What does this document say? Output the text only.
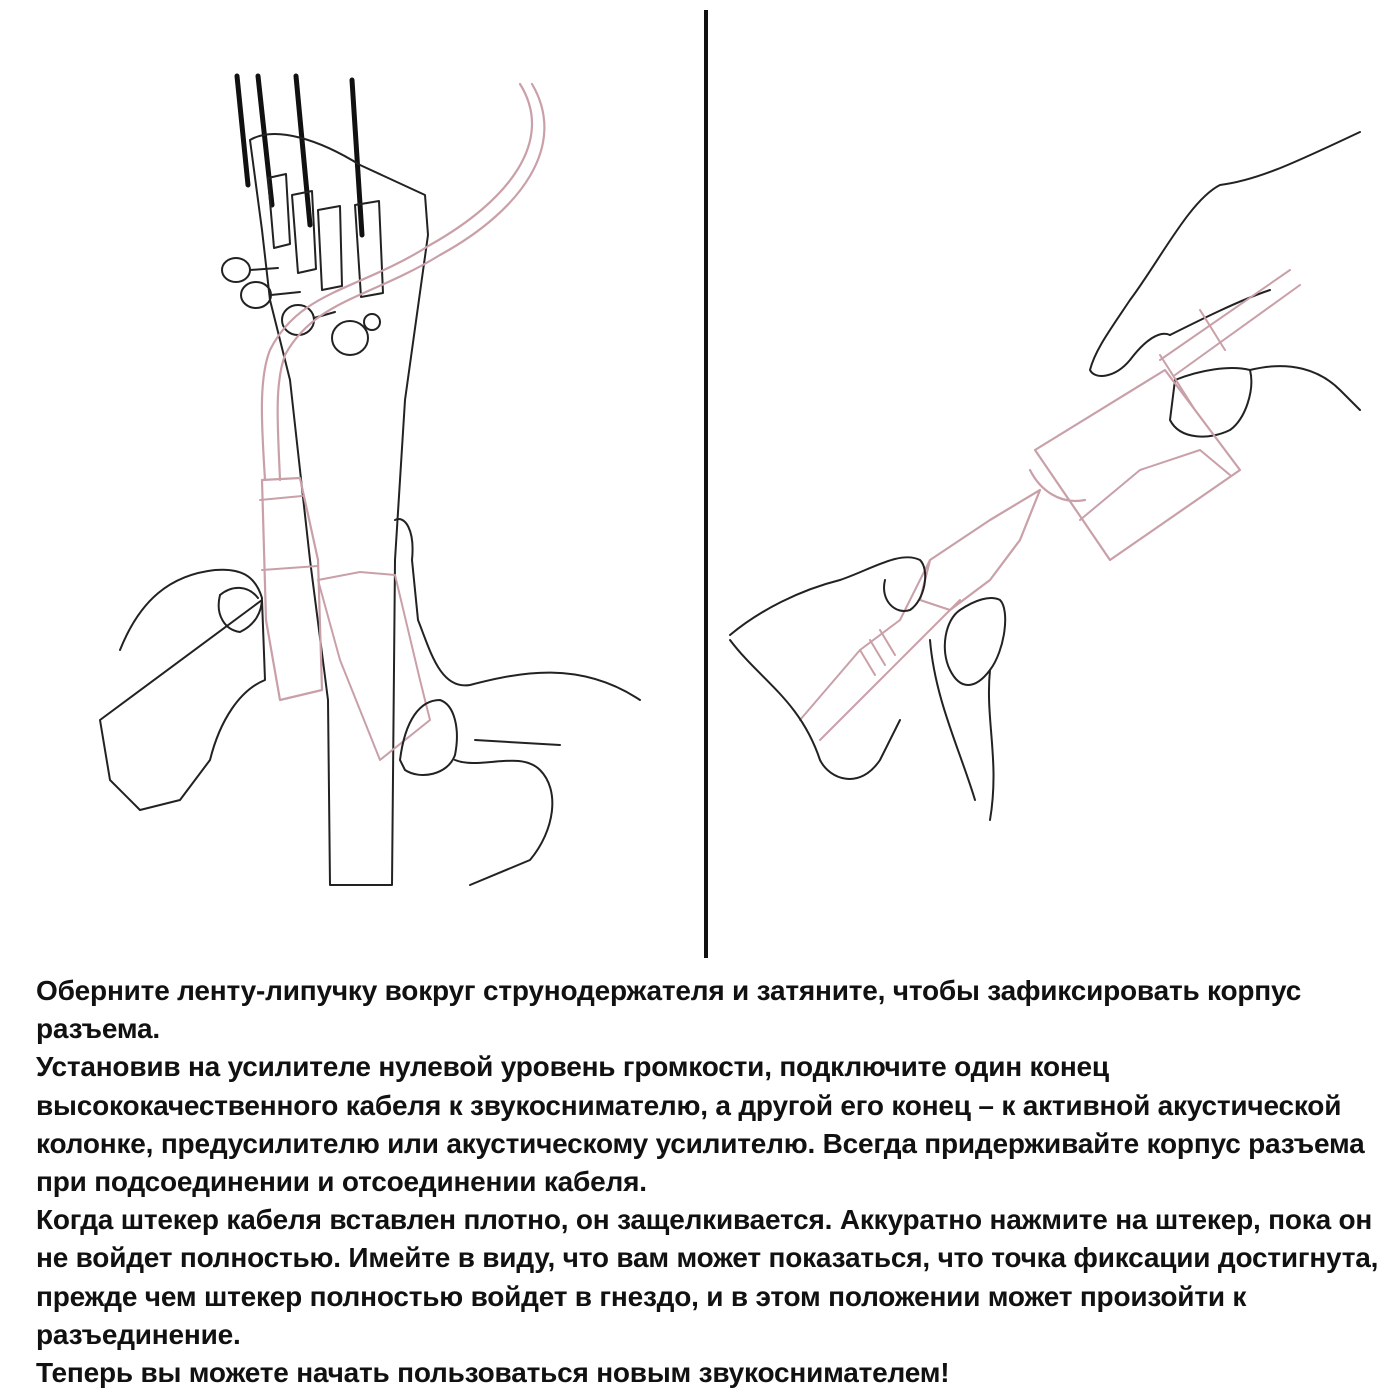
Оберните ленту-липучку вокруг струнодержателя и затяните, чтобы зафиксировать корпус разъема.

Установив на усилителе нулевой уровень громкости, подключите один конец высококачественного кабеля к звукоснимателю, а другой его конец – к активной акустической колонке, предусилителю или акустическому усилителю. Всегда придерживайте корпус разъема при подсоединении и отсоединении кабеля.

Когда штекер кабеля вставлен плотно, он защелкивается. Аккуратно нажмите на штекер, пока он не войдет полностью. Имейте в виду, что вам может показаться, что точка фиксации достигнута, прежде чем штекер полностью войдет в гнездо, и в этом положении может произойти к разъединение.

Теперь вы можете начать пользоваться новым звукоснимателем!
